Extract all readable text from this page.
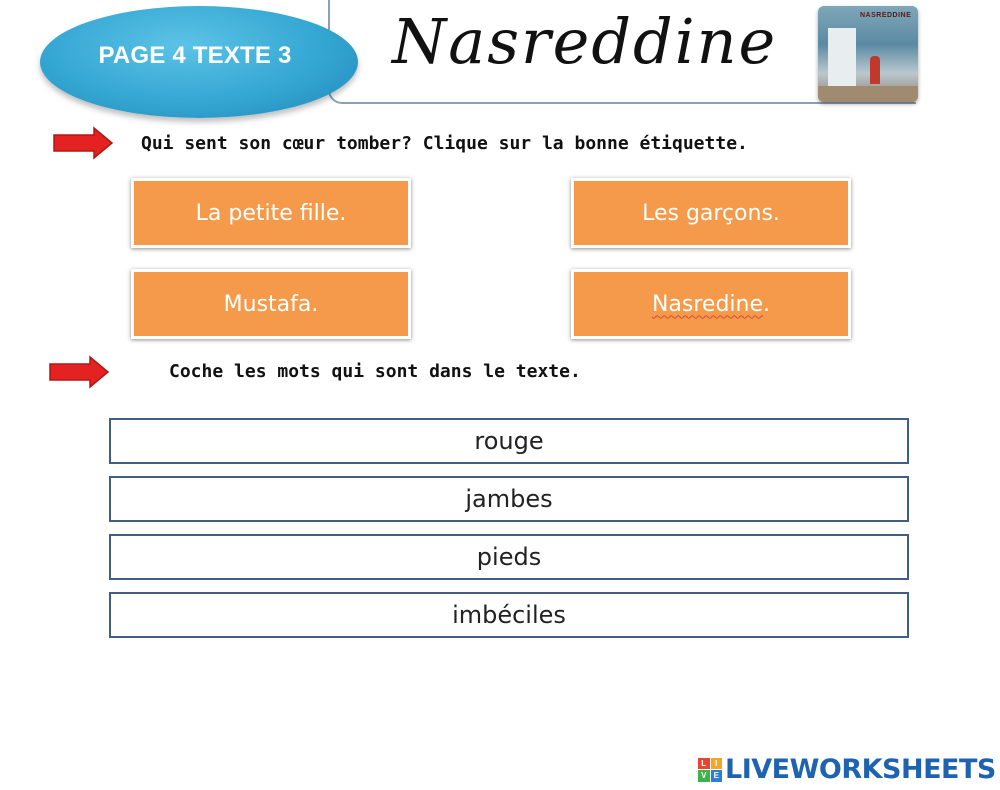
Nasreddine	NASREDDINE
PAGE 4 TEXTE 3
Qui sent son cœur tomber? Clique sur la bonne étiquette.
La petite fille.	Les garçons.
Mustafa.	Nasredine .
Coche les mots qui sont dans le texte.
rouge
jambes
pieds
imbéciles
L	I
V E LIVEWORKSHEETS
